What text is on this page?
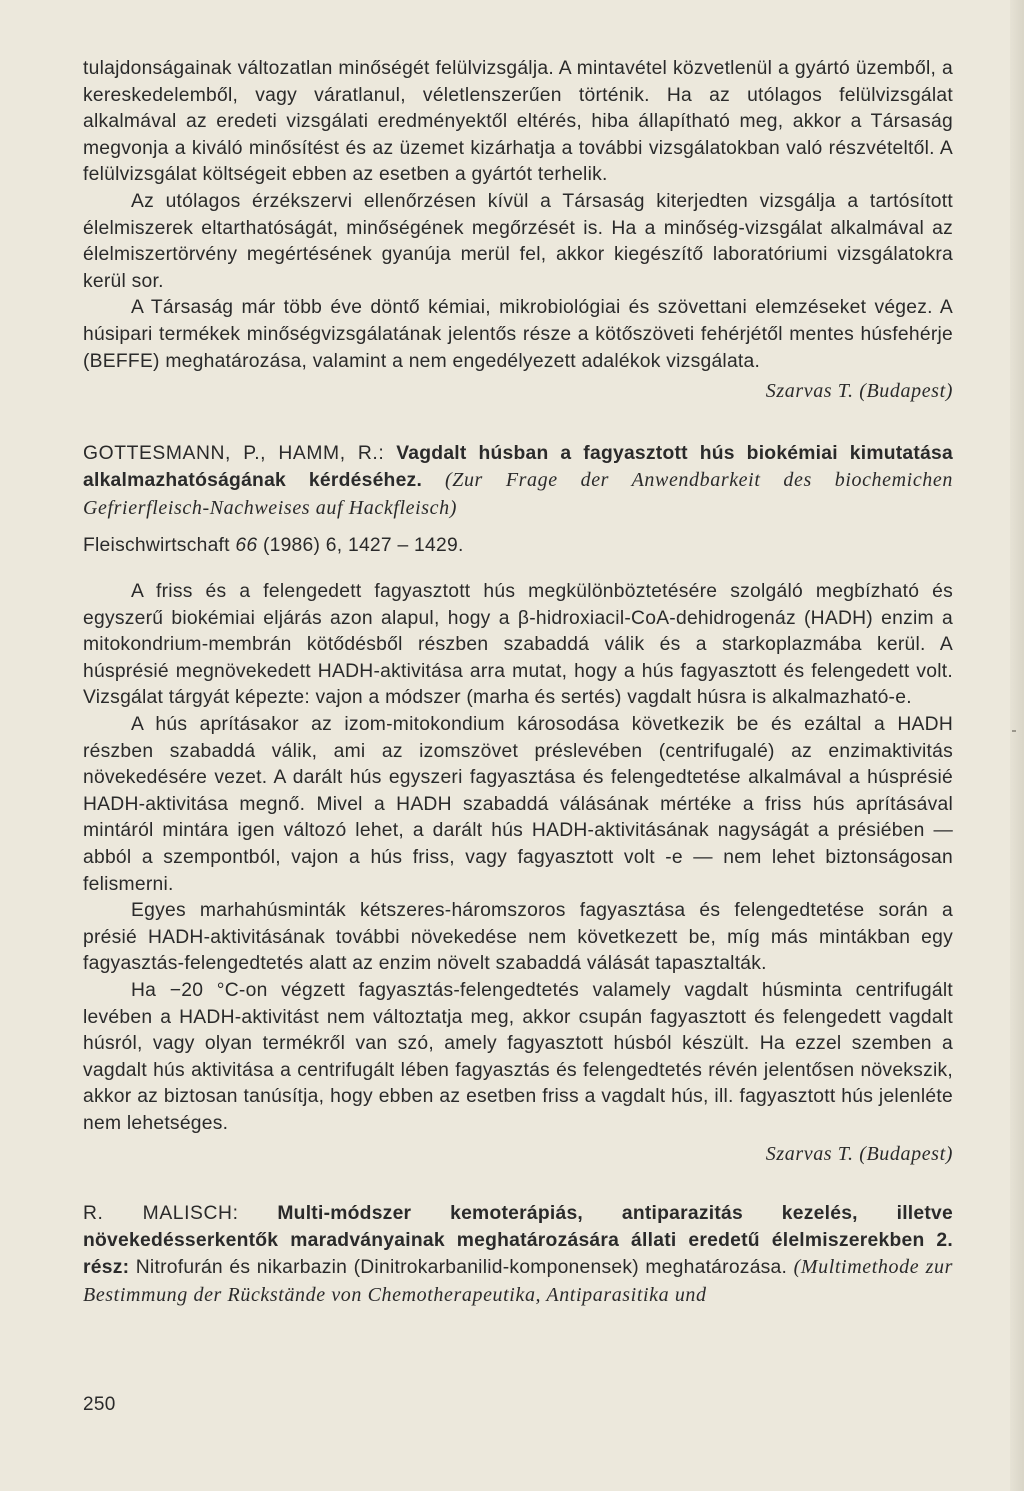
tulajdonságainak változatlan minőségét felülvizsgálja. A mintavétel közvetlenül a gyártó üzemből, a kereskedelemből, vagy váratlanul, véletlenszerűen történik. Ha az utólagos felülvizsgálat alkalmával az eredeti vizsgálati eredményektől eltérés, hiba állapítható meg, akkor a Társaság megvonja a kiváló minősítést és az üzemet kizárhatja a további vizsgálatokban való részvételtől. A felülvizsgálat költségeit ebben az esetben a gyártót terhelik.

Az utólagos érzékszervi ellenőrzésen kívül a Társaság kiterjedten vizsgálja a tartósított élelmiszerek eltarthatóságát, minőségének megőrzését is. Ha a minőség-vizsgálat alkalmával az élelmiszertörvény megértésének gyanúja merül fel, akkor kiegészítő laboratóriumi vizsgálatokra kerül sor.

A Társaság már több éve döntő kémiai, mikrobiológiai és szövettani elemzéseket végez. A húsipari termékek minőségvizsgálatának jelentős része a kötőszöveti fehérjétől mentes húsfehérje (BEFFE) meghatározása, valamint a nem engedélyezett adalékok vizsgálata.

Szarvas T. (Budapest)

GOTTESMANN, P., HAMM, R.: Vagdalt húsban a fagyasztott hús biokémiai kimutatása alkalmazhatóságának kérdéséhez. (Zur Frage der Anwendbarkeit des biochemichen Gefrierfleisch-Nachweises auf Hackfleisch)

Fleischwirtschaft 66 (1986) 6, 1427 – 1429.

A friss és a felengedett fagyasztott hús megkülönböztetésére szolgáló megbízható és egyszerű biokémiai eljárás azon alapul, hogy a β-hidroxiacil-CoA-dehidrogenáz (HADH) enzim a mitokondrium-membrán kötődésből részben szabaddá válik és a starkoplazmába kerül. A húsprésié megnövekedett HADH-aktivitása arra mutat, hogy a hús fagyasztott és felengedett volt. Vizsgálat tárgyát képezte: vajon a módszer (marha és sertés) vagdalt húsra is alkalmazható-e.

A hús aprításakor az izom-mitokondium károsodása következik be és ezáltal a HADH részben szabaddá válik, ami az izomszövet préslevében (centrifugalé) az enzimaktivitás növekedésére vezet. A darált hús egyszeri fagyasztása és felengedtetése alkalmával a húsprésié HADH-aktivitása megnő. Mivel a HADH szabaddá válásának mértéke a friss hús aprításával mintáról mintára igen változó lehet, a darált hús HADH-aktivitásának nagyságát a présiében — abból a szempontból, vajon a hús friss, vagy fagyasztott volt -e — nem lehet biztonságosan felismerni.

Egyes marhahúsminták kétszeres-háromszoros fagyasztása és felengedtetése során a présié HADH-aktivitásának további növekedése nem következett be, míg más mintákban egy fagyasztás-felengedtetés alatt az enzim növelt szabaddá válását tapasztalták.

Ha −20 °C-on végzett fagyasztás-felengedtetés valamely vagdalt húsminta centrifugált levében a HADH-aktivitást nem változtatja meg, akkor csupán fagyasztott és felengedett vagdalt húsról, vagy olyan termékről van szó, amely fagyasztott húsból készült. Ha ezzel szemben a vagdalt hús aktivitása a centrifugált lében fagyasztás és felengedtetés révén jelentősen növekszik, akkor az biztosan tanúsítja, hogy ebben az esetben friss a vagdalt hús, ill. fagyasztott hús jelenléte nem lehetséges.

Szarvas T. (Budapest)

R. MALISCH: Multi-módszer kemoterápiás, antiparazitás kezelés, illetve növekedésserkentők maradványainak meghatározására állati eredetű élelmiszerekben 2. rész: Nitrofurán és nikarbazin (Dinitrokarbanilid-komponensek) meghatározása. (Multimethode zur Bestimmung der Rückstände von Chemotherapeutika, Antiparasitika und

250
